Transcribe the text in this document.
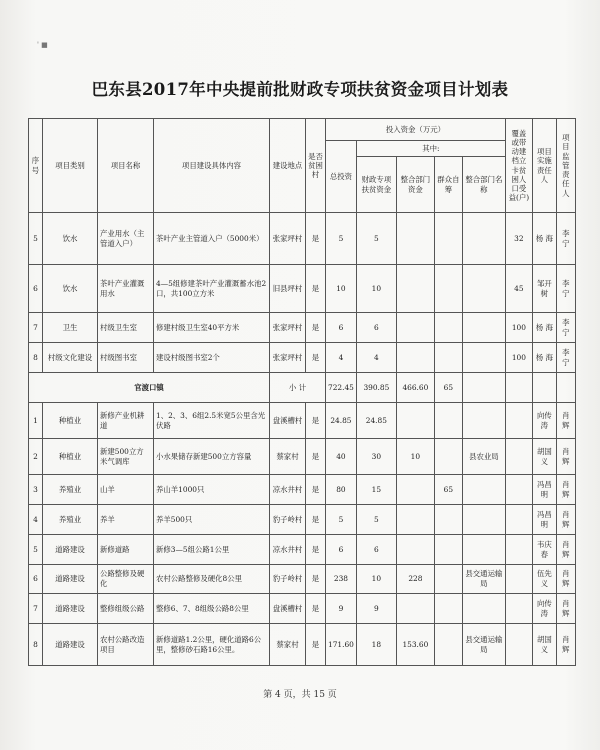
' ■
巴东县2017年中央提前批财政专项扶贫资金项目计划表
序号	项目类别	项目名称	项目建设具体内容	建设地点	是否贫困村	投入资金（万元）					覆盖或带动建档立卡贫困人口受益(户)	项目实施责任人	项目监管责任人
						总投资	其中:						
							财政专项扶贫资金	整合部门资金	群众自筹	整合部门名称			
5	饮水	产业用水（主管道入户）	茶叶产业主管道入户（5000米）	张家坪村	是	5	5				32	杨 海	李 宁
6	饮水	茶叶产业灌溉用水	4—5组修建茶叶产业灌溉蓄水池2口，共100立方米	旧县坪村	是	10	10				45	邹开树	李 宁
7	卫生	村级卫生室	修建村级卫生室40平方米	张家坪村	是	6	6				100	杨 海	李 宁
8	村级文化建设	村级图书室	建设村级图书室2个	张家坪村	是	4	4				100	杨 海	李 宁
官渡口镇				小 计		722.45	390.85	466.60	65				
1	种植业	新修产业机耕道	1、2、3、6组2.5米宽5公里含光伏路	盘溪槽村	是	24.85	24.85					向传涛	肖 辉
2	种植业	新建500立方米气调库	小水果储存新建500立方容量	蔡家村	是	40	30	10		县农业局		胡国义	肖 辉
3	养殖业	山羊	养山羊1000只	凉水井村	是	80	15		65			冯昌明	肖 辉
4	养殖业	养羊	养羊500只	豹子岭村	是	5	5					冯昌明	肖 辉
5	道路建设	新修道路	新修3—5组公路1公里	凉水井村	是	6	6					韦庆春	肖 辉
6	道路建设	公路整修及硬化	农村公路整修及硬化8公里	豹子岭村	是	238	10	228		县交通运输局		伍先义	肖 辉
7	道路建设	整修组级公路	整修6、7、8组级公路8公里	盘溪槽村	是	9	9					向传涛	肖 辉
8	道路建设	农村公路改造项目	新修道路1.2公里，硬化道路6公里，整修砂石路16公里。	蔡家村	是	171.60	18	153.60		县交通运输局		胡国义	肖 辉
第 4 页，共 15 页
